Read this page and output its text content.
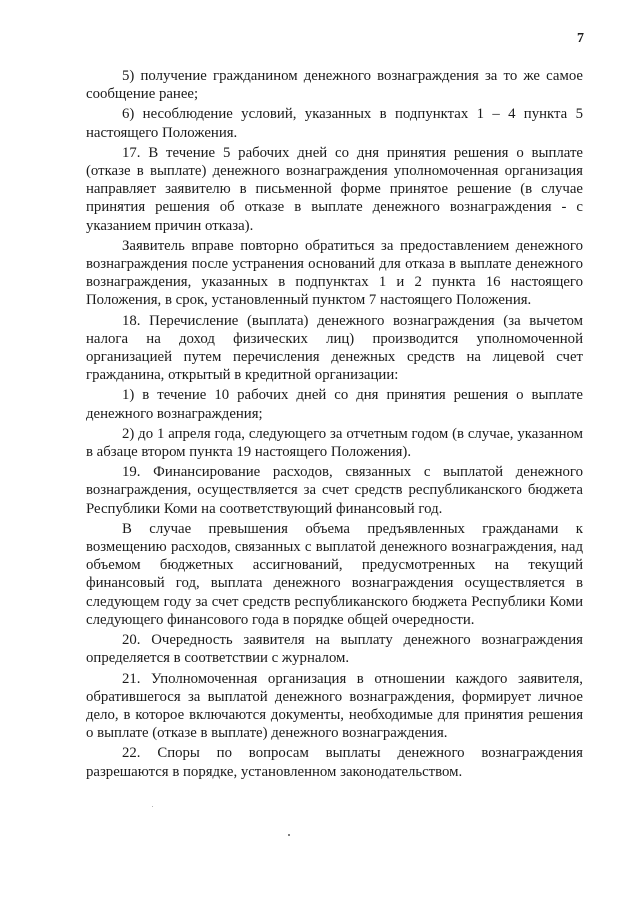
7

5) получение гражданином денежного вознаграждения за то же самое сообщение ранее;

6) несоблюдение условий, указанных в подпунктах 1 – 4 пункта 5 настоящего Положения.

17. В течение 5 рабочих дней со дня принятия решения о выплате (отказе в выплате) денежного вознаграждения уполномоченная организация направляет заявителю в письменной форме принятое решение (в случае принятия решения об отказе в выплате денежного вознаграждения - с указанием причин отказа).

Заявитель вправе повторно обратиться за предоставлением денежного вознаграждения после устранения оснований для отказа в выплате денежного вознаграждения, указанных в подпунктах 1 и 2 пункта 16 настоящего Положения, в срок, установленный пунктом 7 настоящего Положения.

18. Перечисление (выплата) денежного вознаграждения (за вычетом налога на доход физических лиц) производится уполномоченной организацией путем перечисления денежных средств на лицевой счет гражданина, открытый в кредитной организации:

1) в течение 10 рабочих дней со дня принятия решения о выплате денежного вознаграждения;

2) до 1 апреля года, следующего за отчетным годом (в случае, указанном в абзаце втором пункта 19 настоящего Положения).

19. Финансирование расходов, связанных с выплатой денежного вознаграждения, осуществляется за счет средств республиканского бюджета Республики Коми на соответствующий финансовый год.

В случае превышения объема предъявленных гражданами к возмещению расходов, связанных с выплатой денежного вознаграждения, над объемом бюджетных ассигнований, предусмотренных на текущий финансовый год, выплата денежного вознаграждения осуществляется в следующем году за счет средств республиканского бюджета Республики Коми следующего финансового года в порядке общей очередности.

20. Очередность заявителя на выплату денежного вознаграждения определяется в соответствии с журналом.

21. Уполномоченная организация в отношении каждого заявителя, обратившегося за выплатой денежного вознаграждения, формирует личное дело, в которое включаются документы, необходимые для принятия решения о выплате (отказе в выплате) денежного вознаграждения.

22. Споры по вопросам выплаты денежного вознаграждения разрешаются в порядке, установленном законодательством.
